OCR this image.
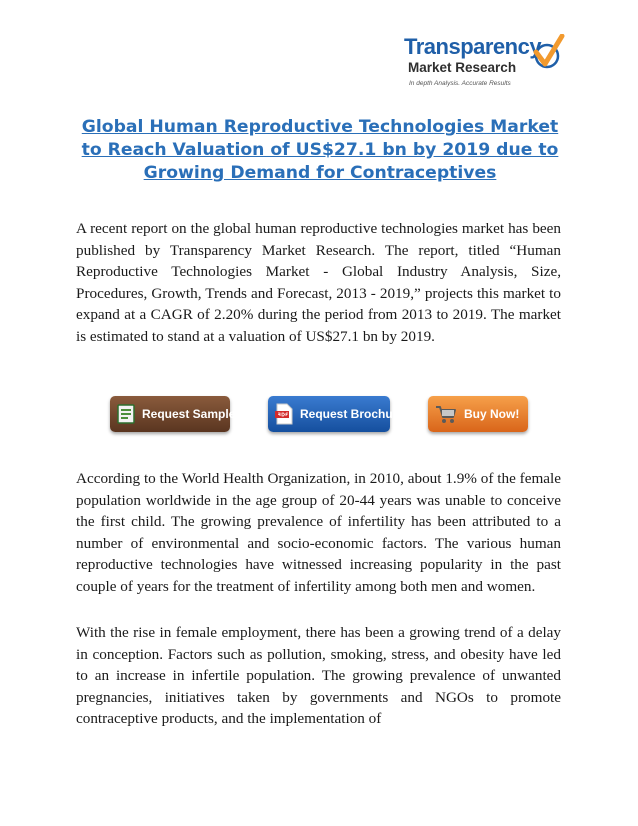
Transparency
Market Research
In depth Analysis. Accurate Results
Global Human Reproductive Technologies Market to Reach Valuation of US$27.1 bn by 2019 due to Growing Demand for Contraceptives

A recent report on the global human reproductive technologies market has been published by Transparency Market Research. The report, titled “Human Reproductive Technologies Market - Global Industry Analysis, Size, Procedures, Growth, Trends and Forecast, 2013 - 2019,” projects this market to expand at a CAGR of 2.20% during the period from 2013 to 2019. The market is estimated to stand at a valuation of US$27.1 bn by 2019.

Request Sample	Request Brochure	Buy Now!

According to the World Health Organization, in 2010, about 1.9% of the female population worldwide in the age group of 20-44 years was unable to conceive the first child. The growing prevalence of infertility has been attributed to a number of environmental and socio-economic factors. The various human reproductive technologies have witnessed increasing popularity in the past couple of years for the treatment of infertility among both men and women.

With the rise in female employment, there has been a growing trend of a delay in conception. Factors such as pollution, smoking, stress, and obesity have led to an increase in infertile population. The growing prevalence of unwanted pregnancies, initiatives taken by governments and NGOs to promote contraceptive products, and the implementation of
